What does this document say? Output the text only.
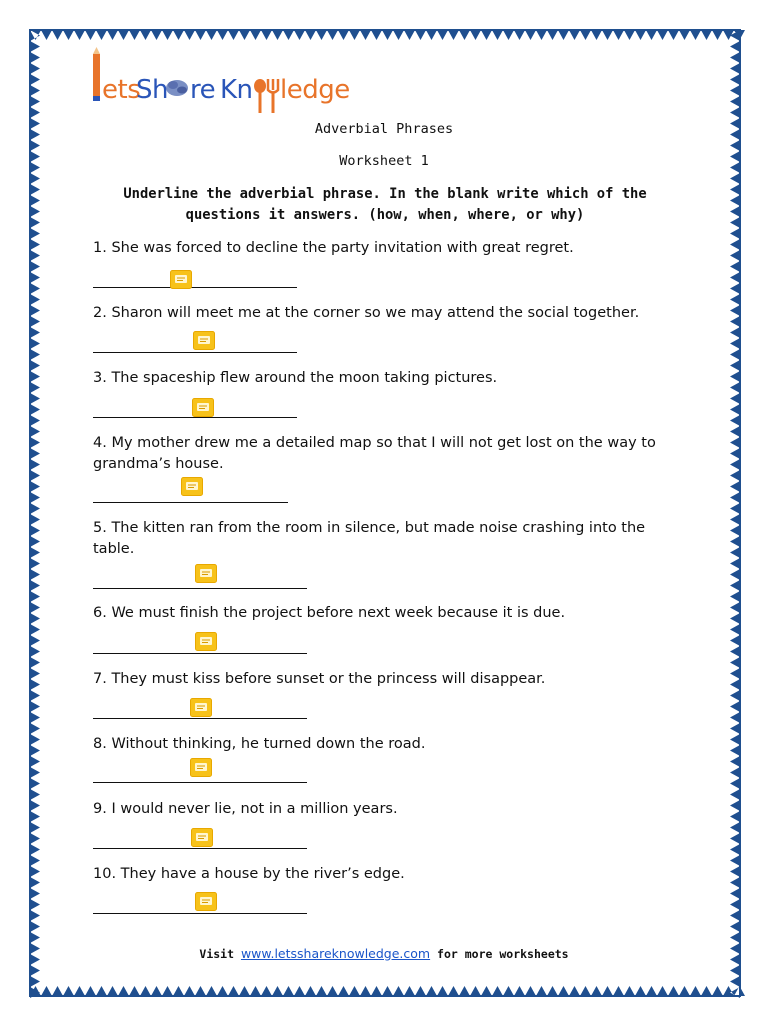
ets
Sh re Kn ledge
Adverbial Phrases
Worksheet 1
Underline the adverbial phrase. In the blank write which of the questions it answers. (how, when, where, or why)
1. She was forced to decline the party invitation with great regret.
2. Sharon will meet me at the corner so we may attend the social together.
3. The spaceship flew around the moon taking pictures.
4. My mother drew me a detailed map so that I will not get lost on the way to grandma’s house.
5. The kitten ran from the room in silence, but made noise crashing into the table.
6. We must finish the project before next week because it is due.
7. They must kiss before sunset or the princess will disappear.
8. Without thinking, he turned down the road.
9. I would never lie, not in a million years.
10. They have a house by the river’s edge.
Visit www.letsshareknowledge.com for more worksheets
